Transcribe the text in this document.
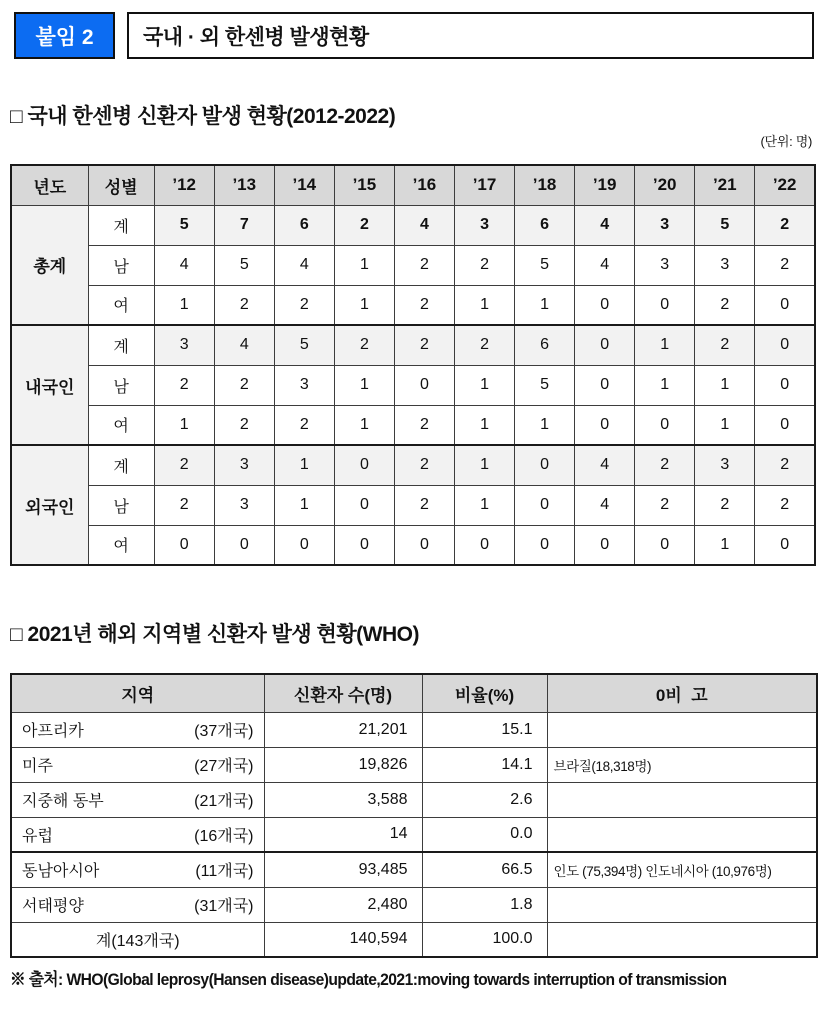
붙임 2	국내 · 외 한센병 발생현황
□ 국내 한센병 신환자 발생 현황(2012-2022)
(단위: 명)
년도	성별	’12	’13	’14	’15	’16	’17	’18	’19	’20	’21	’22
총계	계	5	7	6	2	4	3	6	4	3	5	2
	남	4	5	4	1	2	2	5	4	3	3	2
	여	1	2	2	1	2	1	1	0	0	2	0
내국인	계	3	4	5	2	2	2	6	0	1	2	0
	남	2	2	3	1	0	1	5	0	1	1	0
	여	1	2	2	1	2	1	1	0	0	1	0
외국인	계	2	3	1	0	2	1	0	4	2	3	2
	남	2	3	1	0	2	1	0	4	2	2	2
	여	0	0	0	0	0	0	0	0	0	1	0
□ 2021년 해외 지역별 신환자 발생 현황(WHO)
지역	신환자 수(명)	비율(%)	0비  고

아프리카 (37개국)	21,201	15.1	

미주 (27개국)	19,826	14.1	브라질(18,318명)

지중해 동부 (21개국)	3,588	2.6	

유럽 (16개국)	14	0.0	

동남아시아 (11개국)	93,485	66.5	인도 (75,394명) 인도네시아 (10,976명)

서태평양 (31개국)	2,480	1.8	
계(143개국)	140,594	100.0	
※ 출처: WHO(Global leprosy(Hansen disease)update,2021:moving towards interruption of transmission
